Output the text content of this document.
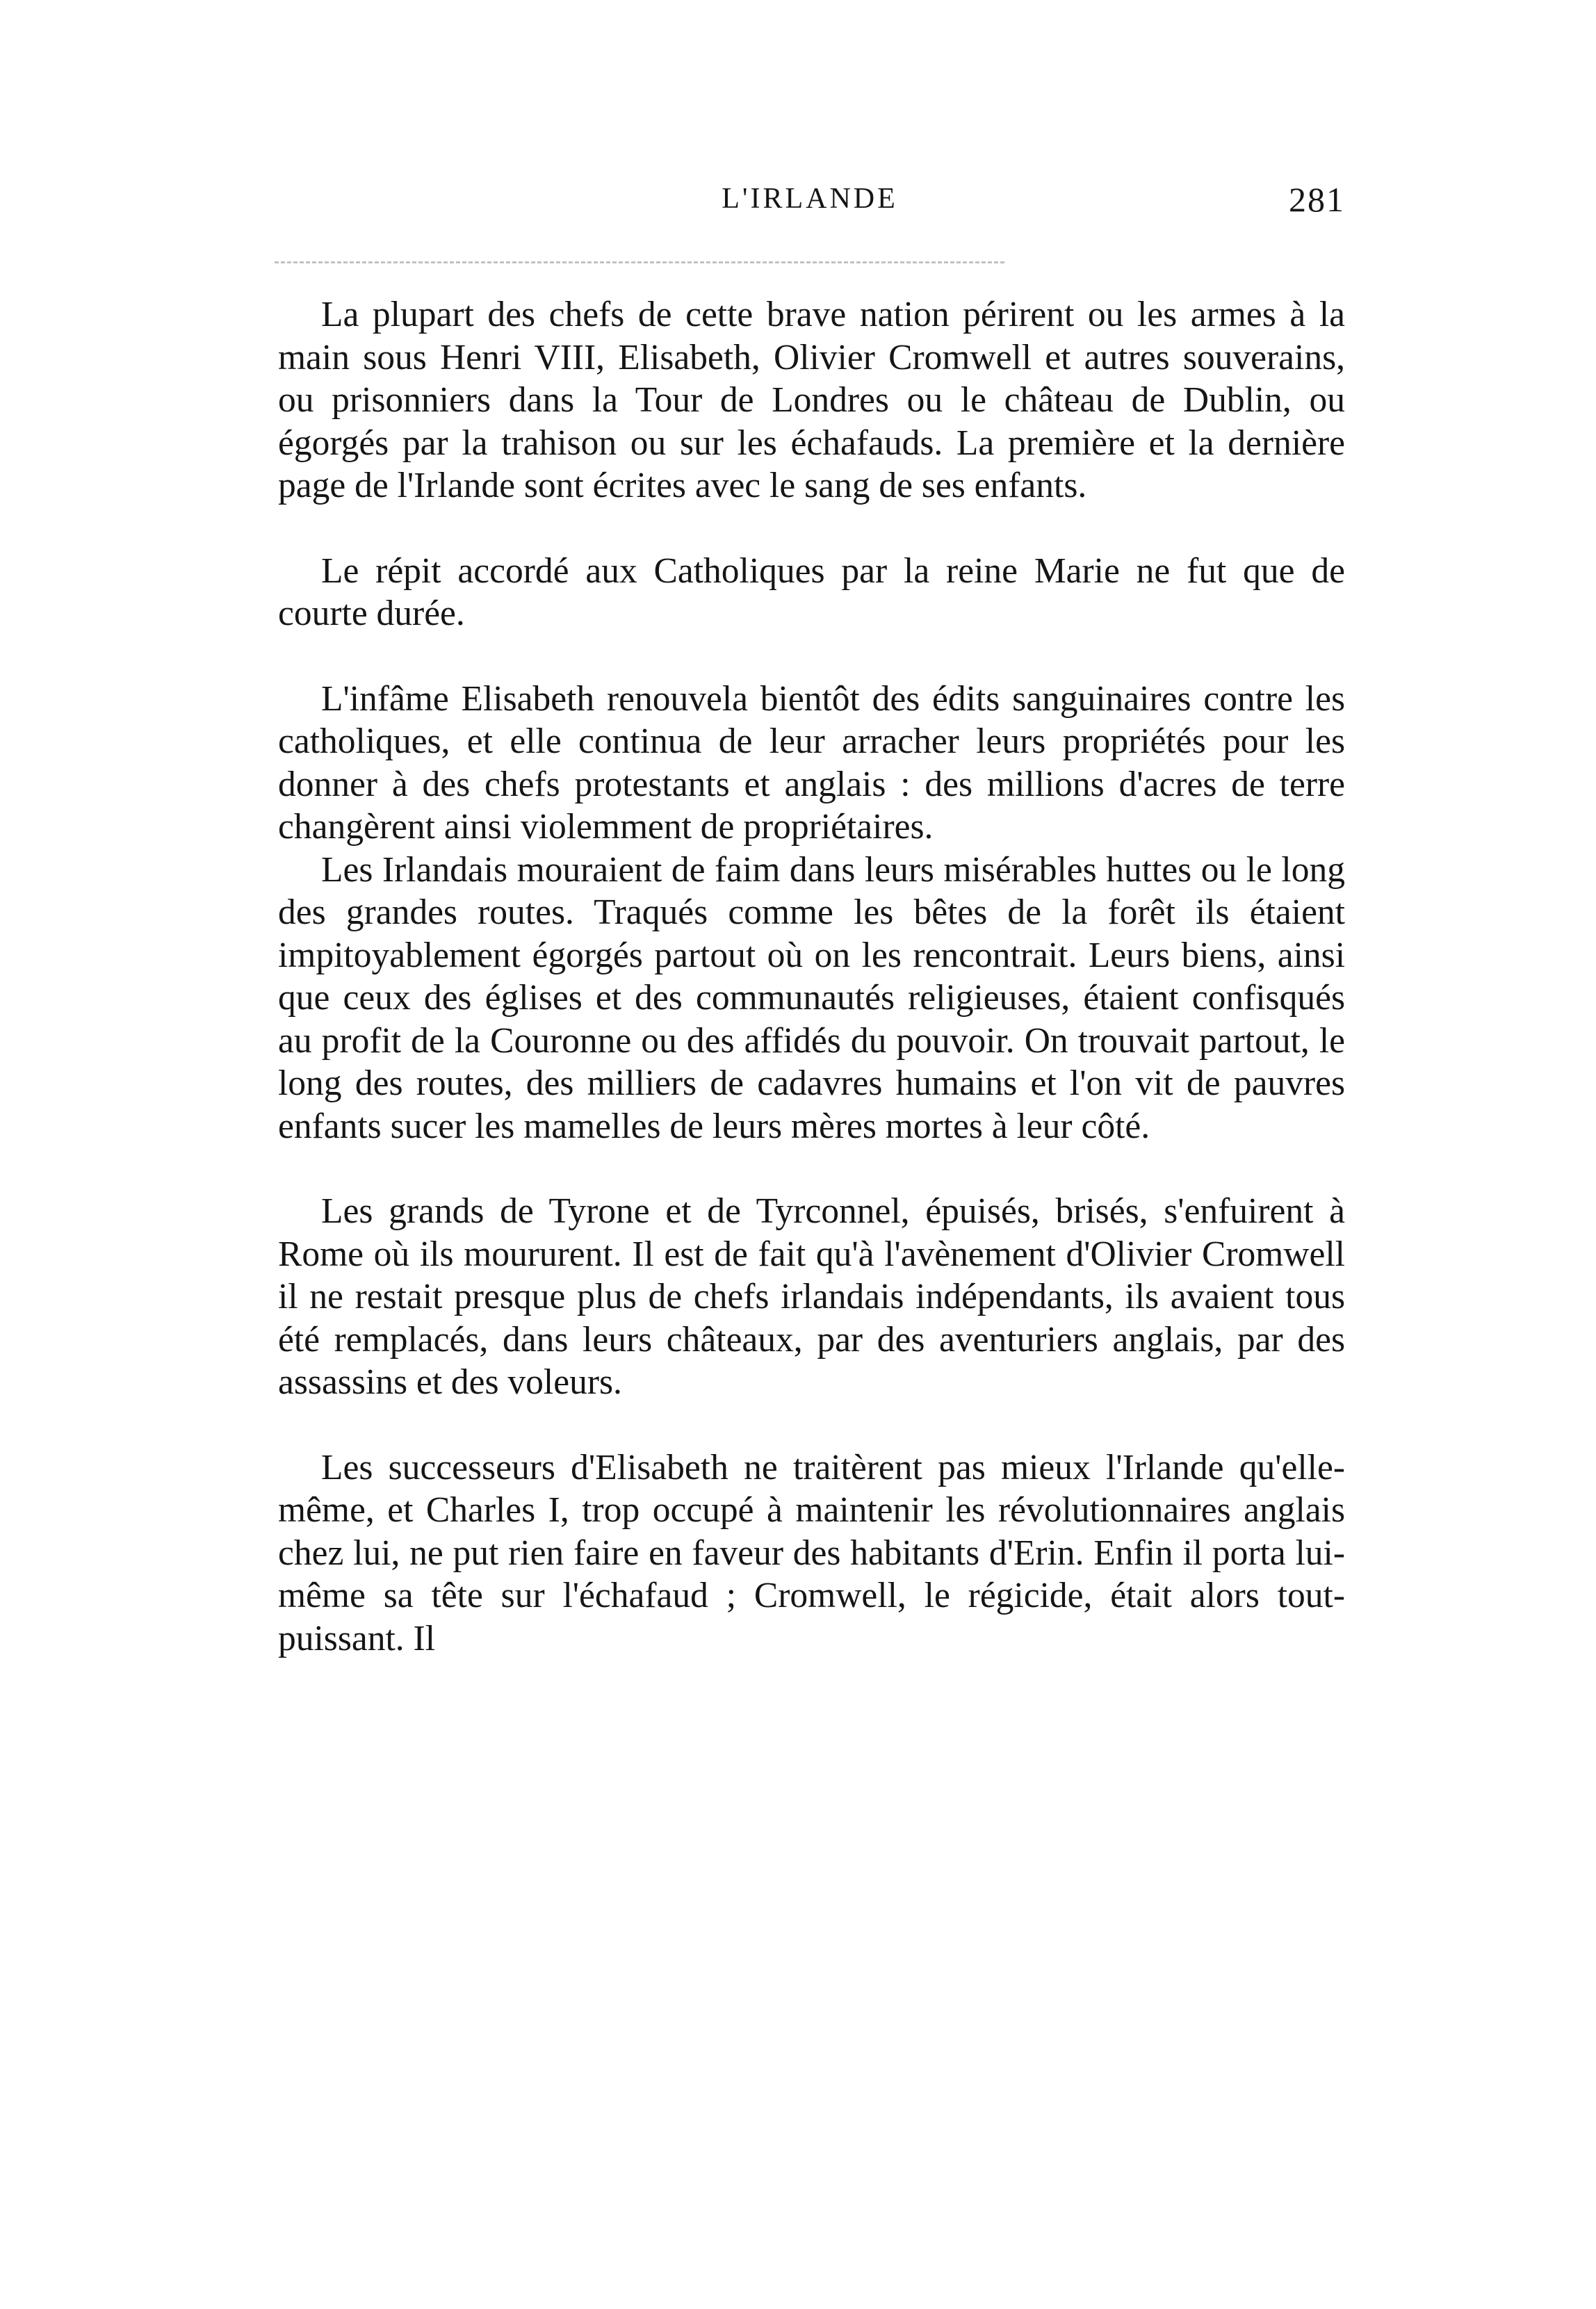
L'IRLANDE	281

La plupart des chefs de cette brave nation périrent ou les armes à la main sous Henri VIII, Elisabeth, Olivier Cromwell et autres souverains, ou prisonniers dans la Tour de Londres ou le château de Dublin, ou égorgés par la trahison ou sur les échafauds. La première et la dernière page de l'Irlande sont écrites avec le sang de ses enfants.

Le répit accordé aux Catholiques par la reine Marie ne fut que de courte durée.

L'infâme Elisabeth renouvela bientôt des édits sanguinaires contre les catholiques, et elle continua de leur arracher leurs propriétés pour les donner à des chefs protestants et anglais : des millions d'acres de terre changèrent ainsi violemment de propriétaires.

Les Irlandais mouraient de faim dans leurs misérables huttes ou le long des grandes routes. Traqués comme les bêtes de la forêt ils étaient impitoyablement égorgés partout où on les rencontrait. Leurs biens, ainsi que ceux des églises et des communautés religieuses, étaient confisqués au profit de la Couronne ou des affidés du pouvoir. On trouvait partout, le long des routes, des milliers de cadavres humains et l'on vit de pauvres enfants sucer les mamelles de leurs mères mortes à leur côté.

Les grands de Tyrone et de Tyrconnel, épuisés, brisés, s'enfuirent à Rome où ils moururent. Il est de fait qu'à l'avènement d'Olivier Cromwell il ne restait presque plus de chefs irlandais indépendants, ils avaient tous été remplacés, dans leurs châteaux, par des aventuriers anglais, par des assassins et des voleurs.

Les successeurs d'Elisabeth ne traitèrent pas mieux l'Irlande qu'elle-même, et Charles I, trop occupé à maintenir les révolutionnaires anglais chez lui, ne put rien faire en faveur des habitants d'Erin. Enfin il porta lui-même sa tête sur l'échafaud ; Cromwell, le régicide, était alors tout-puissant. Il
